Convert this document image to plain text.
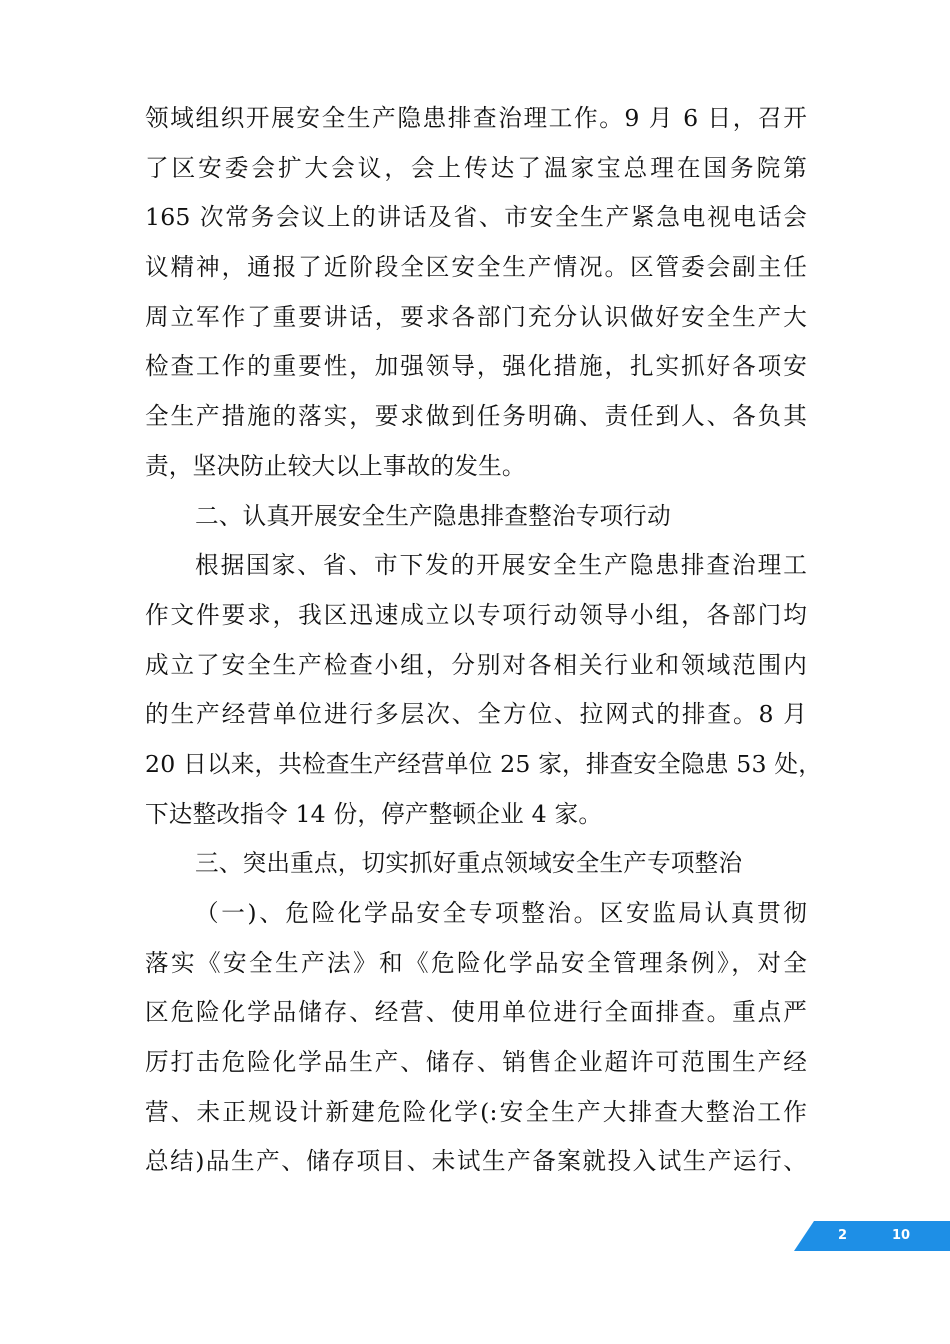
领域组织开展安全生产隐患排查治理工作。9 月 6 日，召开
了区安委会扩大会议，会上传达了温家宝总理在国务院第
165 次常务会议上的讲话及省、市安全生产紧急电视电话会
议精神，通报了近阶段全区安全生产情况。区管委会副主任
周立军作了重要讲话，要求各部门充分认识做好安全生产大
检查工作的重要性，加强领导，强化措施，扎实抓好各项安
全生产措施的落实，要求做到任务明确、责任到人、各负其
责，坚决防止较大以上事故的发生。
二、认真开展安全生产隐患排查整治专项行动
根据国家、省、市下发的开展安全生产隐患排查治理工
作文件要求，我区迅速成立以专项行动领导小组，各部门均
成立了安全生产检查小组，分别对各相关行业和领域范围内
的生产经营单位进行多层次、全方位、拉网式的排查。8 月
20 日以来，共检查生产经营单位 25 家，排查安全隐患 53 处，
下达整改指令 14 份，停产整顿企业 4 家。
三、突出重点，切实抓好重点领域安全生产专项整治
（一)、危险化学品安全专项整治。区安监局认真贯彻
落实《安全生产法》和《危险化学品安全管理条例》，对全
区危险化学品储存、经营、使用单位进行全面排查。重点严
厉打击危险化学品生产、储存、销售企业超许可范围生产经
营、未正规设计新建危险化学(:安全生产大排查大整治工作
总结)品生产、储存项目、未试生产备案就投入试生产运行、
2	10
